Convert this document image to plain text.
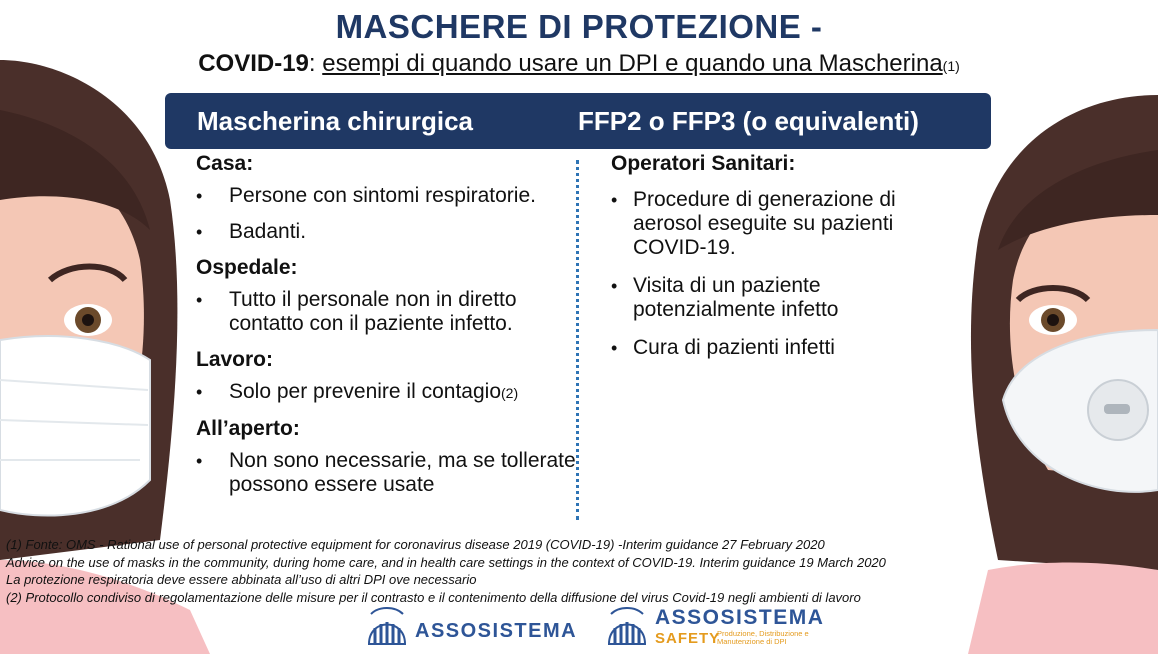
MASCHERE DI PROTEZIONE -
COVID-19: esempi di quando usare un DPI e quando una Mascherina(1)
Mascherina chirurgica	FFP2 o FFP3 (o equivalenti)
Casa:
• Persone con sintomi respiratorie.
• Badanti.
Ospedale:
• Tutto il personale non in diretto contatto con il paziente infetto.
Lavoro:
• Solo per prevenire il contagio(2)
All’aperto:
• Non sono necessarie, ma se tollerate possono essere usate
Operatori Sanitari:
• Procedure di generazione di aerosol eseguite su pazienti COVID-19.
• Visita di un paziente potenzialmente infetto
• Cura di pazienti infetti
(1) Fonte: OMS - Rational use of personal protective equipment for coronavirus disease 2019 (COVID-19) -Interim guidance 27 February 2020
Advice on the use of masks in the community, during home care, and in health care settings in the context of COVID-19. Interim guidance 19 March 2020
La protezione respiratoria deve essere abbinata all’uso di altri DPI ove necessario
(2) Protocollo condiviso di regolamentazione delle misure per il contrasto e il contenimento della diffusione del virus Covid-19 negli ambienti di lavoro
ASSOSISTEMA
ASSOSISTEMA
SAFETY
Produzione, Distribuzione e Manutenzione di DPI
